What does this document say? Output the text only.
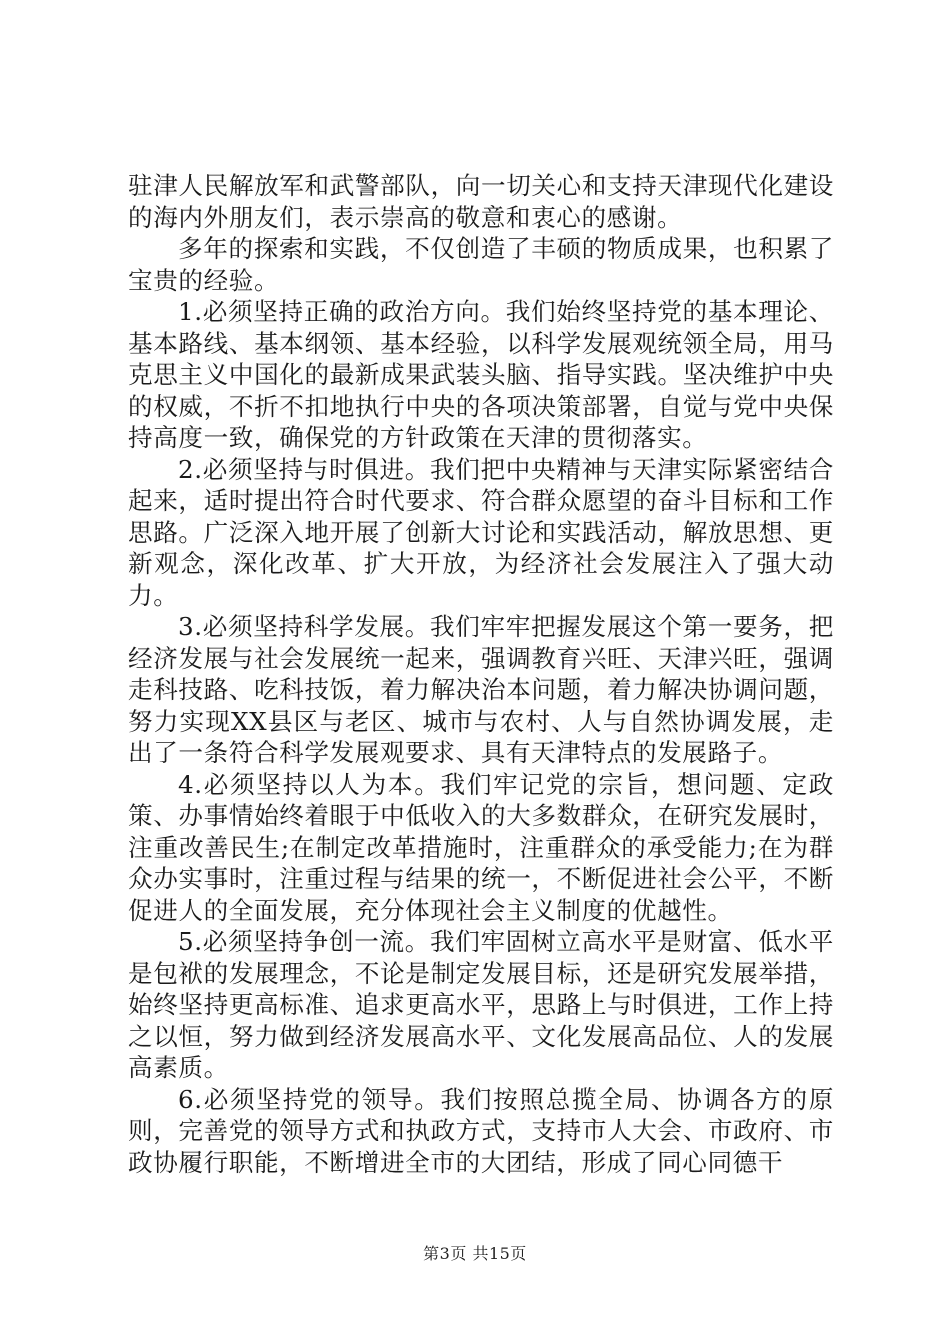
驻津人民解放军和武警部队，向一切关心和支持天津现代化建设的海内外朋友们，表示崇高的敬意和衷心的感谢。

多年的探索和实践，不仅创造了丰硕的物质成果，也积累了宝贵的经验。

1.必须坚持正确的政治方向。我们始终坚持党的基本理论、基本路线、基本纲领、基本经验，以科学发展观统领全局，用马克思主义中国化的最新成果武装头脑、指导实践。坚决维护中央的权威，不折不扣地执行中央的各项决策部署，自觉与党中央保持高度一致，确保党的方针政策在天津的贯彻落实。

2.必须坚持与时俱进。我们把中央精神与天津实际紧密结合起来，适时提出符合时代要求、符合群众愿望的奋斗目标和工作思路。广泛深入地开展了创新大讨论和实践活动，解放思想、更新观念，深化改革、扩大开放，为经济社会发展注入了强大动力。

3.必须坚持科学发展。我们牢牢把握发展这个第一要务，把经济发展与社会发展统一起来，强调教育兴旺、天津兴旺，强调走科技路、吃科技饭，着力解决治本问题，着力解决协调问题，努力实现XX县区与老区、城市与农村、人与自然协调发展，走出了一条符合科学发展观要求、具有天津特点的发展路子。

4.必须坚持以人为本。我们牢记党的宗旨，想问题、定政策、办事情始终着眼于中低收入的大多数群众，在研究发展时，注重改善民生;在制定改革措施时，注重群众的承受能力;在为群众办实事时，注重过程与结果的统一，不断促进社会公平，不断促进人的全面发展，充分体现社会主义制度的优越性。

5.必须坚持争创一流。我们牢固树立高水平是财富、低水平是包袱的发展理念，不论是制定发展目标，还是研究发展举措，始终坚持更高标准、追求更高水平，思路上与时俱进，工作上持之以恒，努力做到经济发展高水平、文化发展高品位、人的发展高素质。

6.必须坚持党的领导。我们按照总揽全局、协调各方的原则，完善党的领导方式和执政方式，支持市人大会、市政府、市政协履行职能，不断增进全市的大团结，形成了同心同德干

第3页 共15页
